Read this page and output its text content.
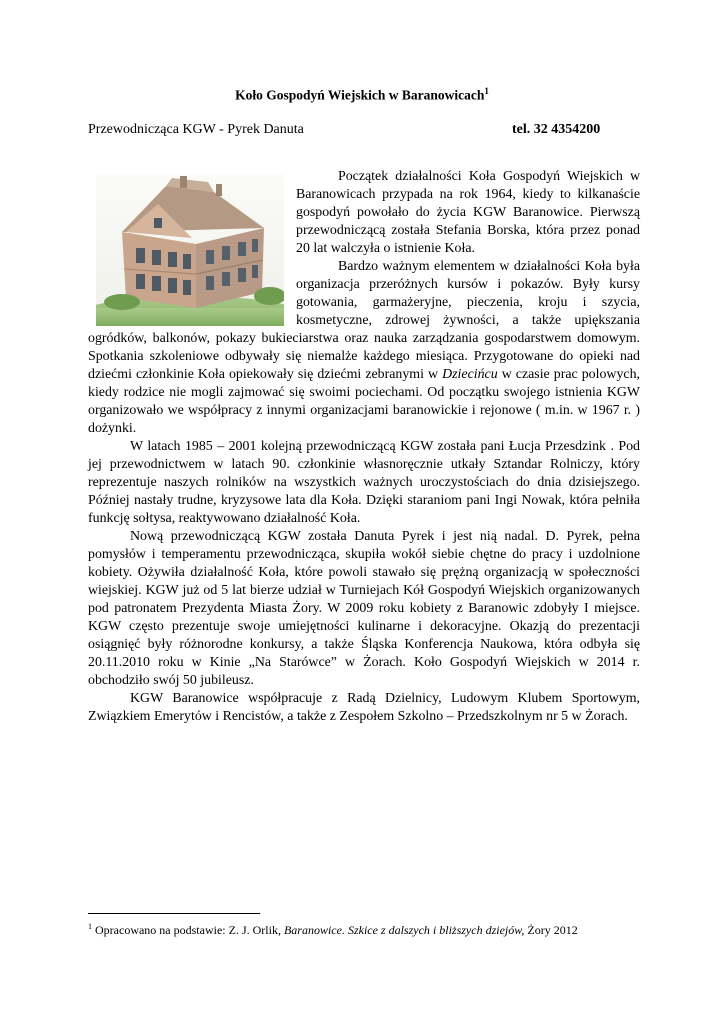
Koło Gospodyń Wiejskich w Baranowicach$^1$
Przewodnicząca KGW - Pyrek Danuta	tel. 32 4354200

Początek działalności Koła Gospodyń Wiejskich w Baranowicach przypada na rok 1964, kiedy to kilkanaście gospodyń powołało do życia KGW Baranowice. Pierwszą przewodniczącą została Stefania Borska, która przez ponad 20 lat walczyła o istnienie Koła.

Bardzo ważnym elementem w działalności Koła była organizacja przeróżnych kursów i pokazów. Były kursy gotowania, garmażeryjne, pieczenia, kroju i szycia, kosmetyczne, zdrowej żywności, a także upiększania ogródków, balkonów, pokazy bukieciarstwa oraz nauka zarządzania gospodarstwem domowym. Spotkania szkoleniowe odbywały się niemalże każdego miesiąca. Przygotowane do opieki nad dziećmi członkinie Koła opiekowały się dziećmi zebranymi w Dziecińcu w czasie prac polowych, kiedy rodzice nie mogli zajmować się swoimi pociechami. Od początku swojego istnienia KGW organizowało we współpracy z innymi organizacjami baranowickie i rejonowe ( m.in. w 1967 r. ) dożynki.

W latach 1985 – 2001 kolejną przewodniczącą KGW została pani Łucja Przesdzink . Pod jej przewodnictwem w latach 90. członkinie własnoręcznie utkały Sztandar Rolniczy, który reprezentuje naszych rolników na wszystkich ważnych uroczystościach do dnia dzisiejszego. Później nastały trudne, kryzysowe lata dla Koła. Dzięki staraniom pani Ingi Nowak, która pełniła funkcję sołtysa, reaktywowano działalność Koła.

Nową przewodniczącą KGW została Danuta Pyrek i jest nią nadal. D. Pyrek, pełna pomysłów i temperamentu przewodnicząca, skupiła wokół siebie chętne do pracy i uzdolnione kobiety. Ożywiła działalność Koła, które powoli stawało się prężną organizacją w społeczności wiejskiej. KGW już od 5 lat bierze udział w Turniejach Kół Gospodyń Wiejskich organizowanych pod patronatem Prezydenta Miasta Żory. W 2009 roku kobiety z Baranowic zdobyły I miejsce. KGW często prezentuje swoje umiejętności kulinarne i dekoracyjne. Okazją do prezentacji osiągnięć były różnorodne konkursy, a także Śląska Konferencja Naukowa, która odbyła się 20.11.2010 roku w Kinie „Na Starówce” w Żorach. Koło Gospodyń Wiejskich w 2014 r. obchodziło swój 50 jubileusz.

KGW Baranowice współpracuje z Radą Dzielnicy, Ludowym Klubem Sportowym, Związkiem Emerytów i Rencistów, a także z Zespołem Szkolno – Przedszkolnym nr 5 w Żorach.

$^1$ Opracowano na podstawie: Z. J. Orlik, Baranowice. Szkice z dalszych i bliższych dziejów, Żory 2012
